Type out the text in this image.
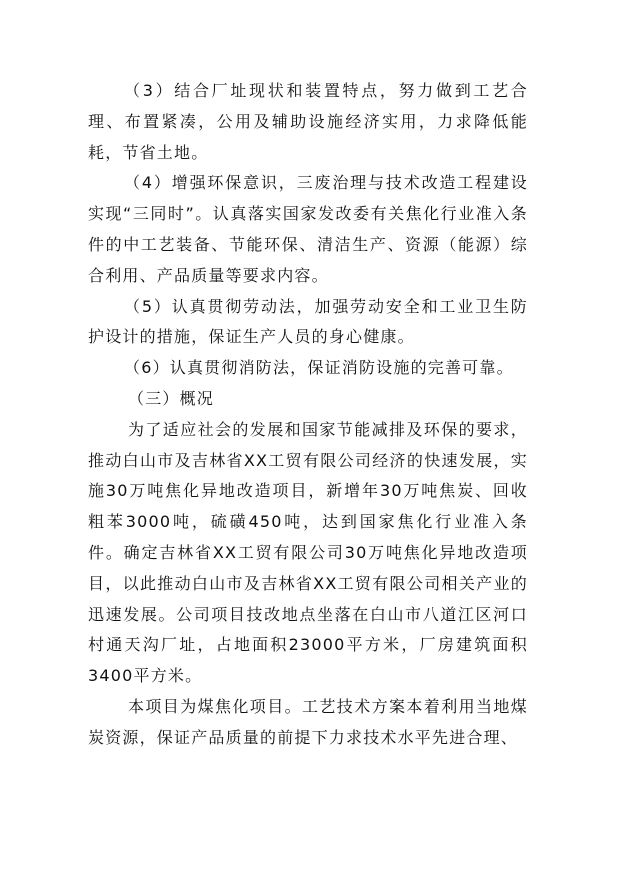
（3）结合厂址现状和装置特点，努力做到工艺合理、布置紧凑，公用及辅助设施经济实用，力求降低能耗，节省土地。

（4）增强环保意识，三废治理与技术改造工程建设实现“三同时”。认真落实国家发改委有关焦化行业准入条件的中工艺装备、节能环保、清洁生产、资源（能源）综合利用、产品质量等要求内容。

（5）认真贯彻劳动法，加强劳动安全和工业卫生防护设计的措施，保证生产人员的身心健康。

（6）认真贯彻消防法，保证消防设施的完善可靠。

（三）概况

为了适应社会的发展和国家节能减排及环保的要求，推动白山市及吉林省XX工贸有限公司经济的快速发展，实施30万吨焦化异地改造项目，新增年30万吨焦炭、回收粗苯3000吨，硫磺450吨，达到国家焦化行业准入条件。确定吉林省XX工贸有限公司30万吨焦化异地改造项目，以此推动白山市及吉林省XX工贸有限公司相关产业的迅速发展。公司项目技改地点坐落在白山市八道江区河口村通天沟厂址，占地面积23000平方米，厂房建筑面积3400平方米。

本项目为煤焦化项目。工艺技术方案本着利用当地煤炭资源，保证产品质量的前提下力求技术水平先进合理、
